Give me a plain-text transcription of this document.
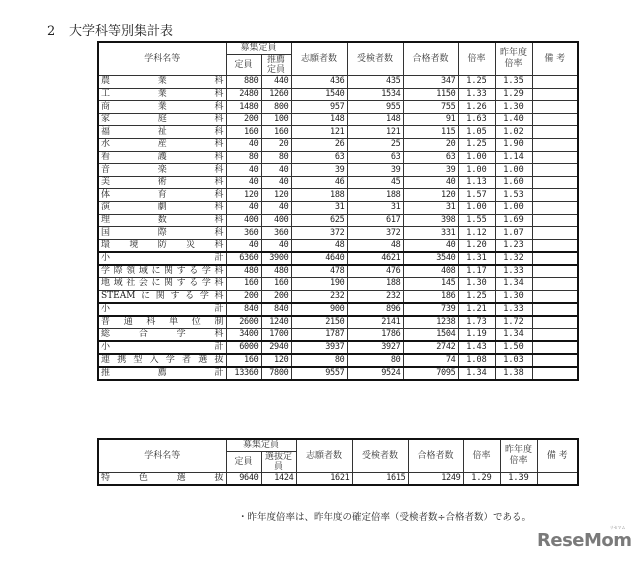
2 大学科等別集計表
学科名等	募集定員		志願者数	受検者数	合格者数	倍率	昨年度
倍率	備 考
	定員	推薦定員						
農業科	880	440	436	435	347	1.25	1.35	
工業科	2480	1260	1540	1534	1150	1.33	1.29	
商業科	1480	800	957	955	755	1.26	1.30	
家庭科	200	100	148	148	91	1.63	1.40	
福祉科	160	160	121	121	115	1.05	1.02	
水産科	40	20	26	25	20	1.25	1.90	
看護科	80	80	63	63	63	1.00	1.14	
音楽科	40	40	39	39	39	1.00	1.00	
美術科	40	40	46	45	40	1.13	1.60	
体育科	120	120	188	188	120	1.57	1.53	
演劇科	40	40	31	31	31	1.00	1.00	
理数科	400	400	625	617	398	1.55	1.69	
国際科	360	360	372	372	331	1.12	1.07	
環境防災科	40	40	48	48	40	1.20	1.23	
小計	6360	3900	4640	4621	3540	1.31	1.32	
学際領域に関する学科	480	480	478	476	408	1.17	1.33	
地域社会に関する学科	160	160	190	188	145	1.30	1.34	
STEAMに関する学科	200	200	232	232	186	1.25	1.30	
小計	840	840	900	896	739	1.21	1.33	
普通科単位制	2600	1240	2150	2141	1238	1.73	1.72	
総合学科	3400	1700	1787	1786	1504	1.19	1.34	
小計	6000	2940	3937	3927	2742	1.43	1.50	
連携型入学者選抜	160	120	80	80	74	1.08	1.03	
推薦計	13360	7800	9557	9524	7095	1.34	1.38	
学科名等	募集定員		志願者数	受検者数	合格者数	倍率	昨年度
倍率	備 考
	定員	選抜定員						
特色選抜	9640	1424	1621	1615	1249	1.29	1.39	
・昨年度倍率は、昨年度の確定倍率（受検者数÷合格者数）である。
ReseMom
リセマム
